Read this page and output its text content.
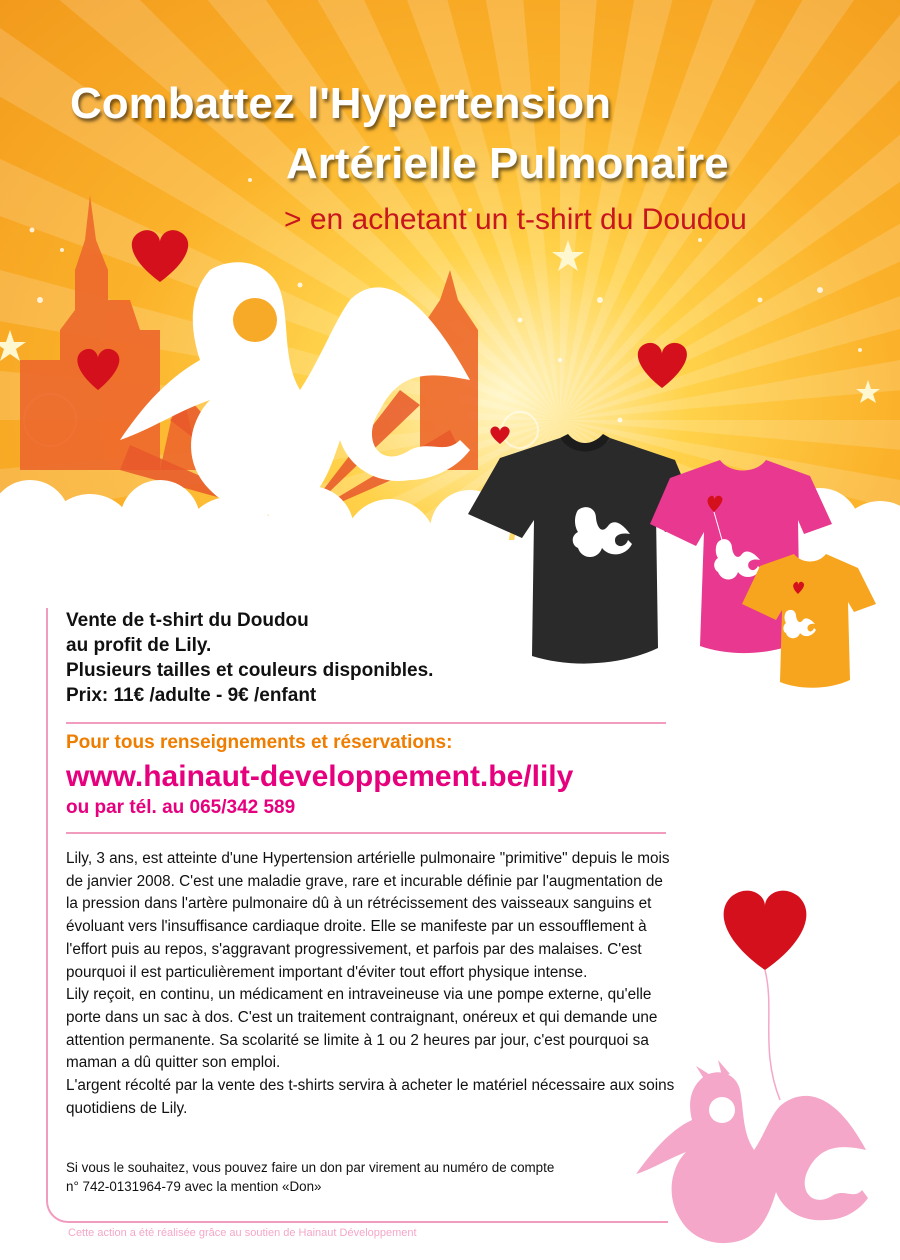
Combattez l'Hypertension
Artérielle Pulmonaire
> en achetant un t-shirt du Doudou
Vente de t-shirt du Doudou
au profit de Lily.
Plusieurs tailles et couleurs disponibles.
Prix: 11€ /adulte - 9€ /enfant
Pour tous renseignements et réservations:
www.hainaut-developpement.be/lily
ou par tél. au 065/342 589

Lily, 3 ans, est atteinte d'une Hypertension artérielle pulmonaire "primitive" depuis le mois de janvier 2008. C'est une maladie grave, rare et incurable définie par l'augmentation de la pression dans l'artère pulmonaire dû à un rétrécissement des vaisseaux sanguins et évoluant vers l'insuffisance cardiaque droite. Elle se manifeste par un essoufflement à l'effort puis au repos, s'aggravant progressivement, et parfois par des malaises. C'est pourquoi il est particulièrement important d'éviter tout effort physique intense.

Lily reçoit, en continu, un médicament en intraveineuse via une pompe externe, qu'elle porte dans un sac à dos. C'est un traitement contraignant, onéreux et qui demande une attention permanente. Sa scolarité se limite à 1 ou 2 heures par jour, c'est pourquoi sa maman a dû quitter son emploi.

L'argent récolté par la vente des t-shirts servira à acheter le matériel nécessaire aux soins quotidiens de Lily.

Si vous le souhaitez, vous pouvez faire un don par virement au numéro de compte

n° 742-0131964-79 avec la mention «Don»

Cette action a été réalisée grâce au soutien de Hainaut Développement
